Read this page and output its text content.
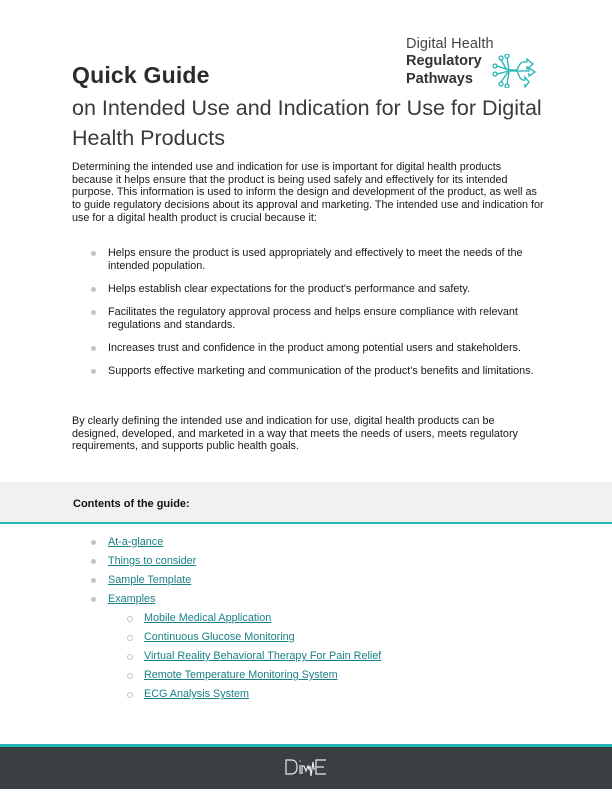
Digital Health
Regulatory
Pathways
Quick Guide
on Intended Use and Indication for Use for Digital Health Products

Determining the intended use and indication for use is important for digital health products because it helps ensure that the product is being used safely and effectively for its intended purpose. This information is used to inform the design and development of the product, as well as to guide regulatory decisions about its approval and marketing. The intended use and indication for use for a digital health product is crucial because it:

Helps ensure the product is used appropriately and effectively to meet the needs of the intended population.
Helps establish clear expectations for the product's performance and safety.
Facilitates the regulatory approval process and helps ensure compliance with relevant regulations and standards.
Increases trust and confidence in the product among potential users and stakeholders.
Supports effective marketing and communication of the product's benefits and limitations.

By clearly defining the intended use and indication for use, digital health products can be designed, developed, and marketed in a way that meets the needs of users, meets regulatory requirements, and supports public health goals.

Contents of the guide:
At-a-glance
Things to consider
Sample Template
Examples
Mobile Medical Application
Continuous Glucose Monitoring
Virtual Reality Behavioral Therapy For Pain Relief
Remote Temperature Monitoring System
ECG Analysis System
